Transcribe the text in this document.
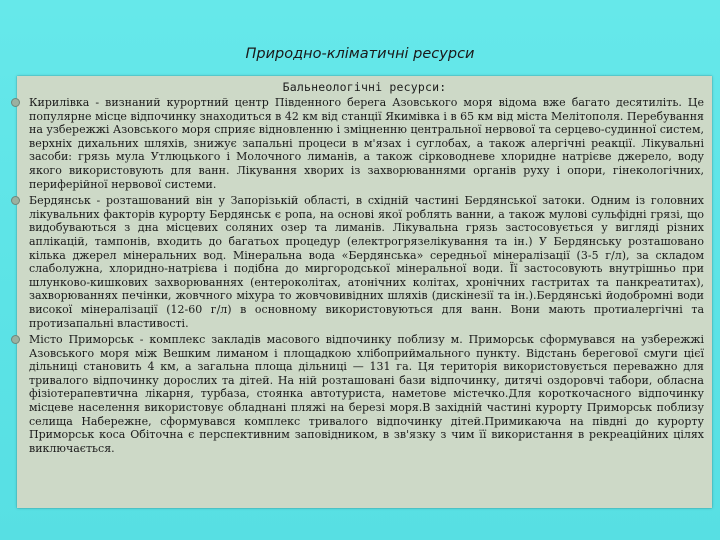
Природно-кліматичні ресурси
Бальнеологічні ресурси:
Кирилівка - визнаний курортний центр Південного берега Азовського моря відома вже багато десятиліть. Це популярне місце відпочинку знаходиться в 42 км від станції Якимівка і в 65 км від міста Мелітополя. Перебування на узбережжі Азовського моря сприяє відновленню і зміцненню центральної нервової та серцево-судинної систем, верхніх дихальних шляхів, знижує запальні процеси в м'язах і суглобах, а також алергічні реакції. Лікувальні засоби: грязь мула Утлюцького і Молочного лиманів, а також сірководневе хлоридне натрієве джерело, воду якого використовують для ванн. Лікування хворих із захворюваннями органів руху і опори, гінекологічних, периферійної нервової системи.
Бердянськ - розташований він у Запорізькій області, в східній частині Бердянської затоки. Одним із головних лікувальних факторів курорту Бердянськ є ропа, на основі якої роблять ванни, а також мулові сульфідні грязі, що видобуваються з дна місцевих соляних озер та лиманів. Лікувальна грязь застосовується у вигляді різних аплікацій, тампонів, входить до багатьох процедур (електрогрязелікування та ін.) У Бердянську розташовано кілька джерел мінеральних вод. Мінеральна вода «Бердянська» середньої мінералізації (3-5 г/л), за складом слаболужна, хлоридно-натрієва і подібна до миргородської мінеральної води. Її застосовують внутрішньо при шлунково-кишкових захворюваннях (ентероколітах, атонічних колітах, хронічних гастритах та панкреатитах), захворюваннях печінки, жовчного міхура то жовчовивідних шляхів (дискінезії та ін.).Бердянські йодобромні води високої мінералізації (12-60 г/л) в основному використовуються для ванн. Вони мають протиалергічні та протизапальні властивості.
Місто Приморськ - комплекс закладів масового відпочинку поблизу м. Приморськ сформувався на узбережжі Азовського моря між Вешким лиманом і площадкою хлібоприймального пункту. Відстань берегової смуги цієї дільниці становить 4 км, а загальна площа дільниці — 131 га. Ця територія використовується переважно для тривалого відпочинку дорослих та дітей. На ній розташовані бази відпочинку, дитячі оздоровчі табори, обласна фізіотерапевтична лікарня, турбаза, стоянка автотуриста, наметове містечко.Для короткочасного відпочинку місцеве населення використовує обладнані пляжі на березі моря.В західній частині курорту Приморськ поблизу селища Набережне, сформувався комплекс тривалого відпочинку дітей.Примикаюча на півдні до курорту Приморськ коса Обіточна є перспективним заповідником, в зв'язку з чим її використання в рекреаційних цілях виключається.
